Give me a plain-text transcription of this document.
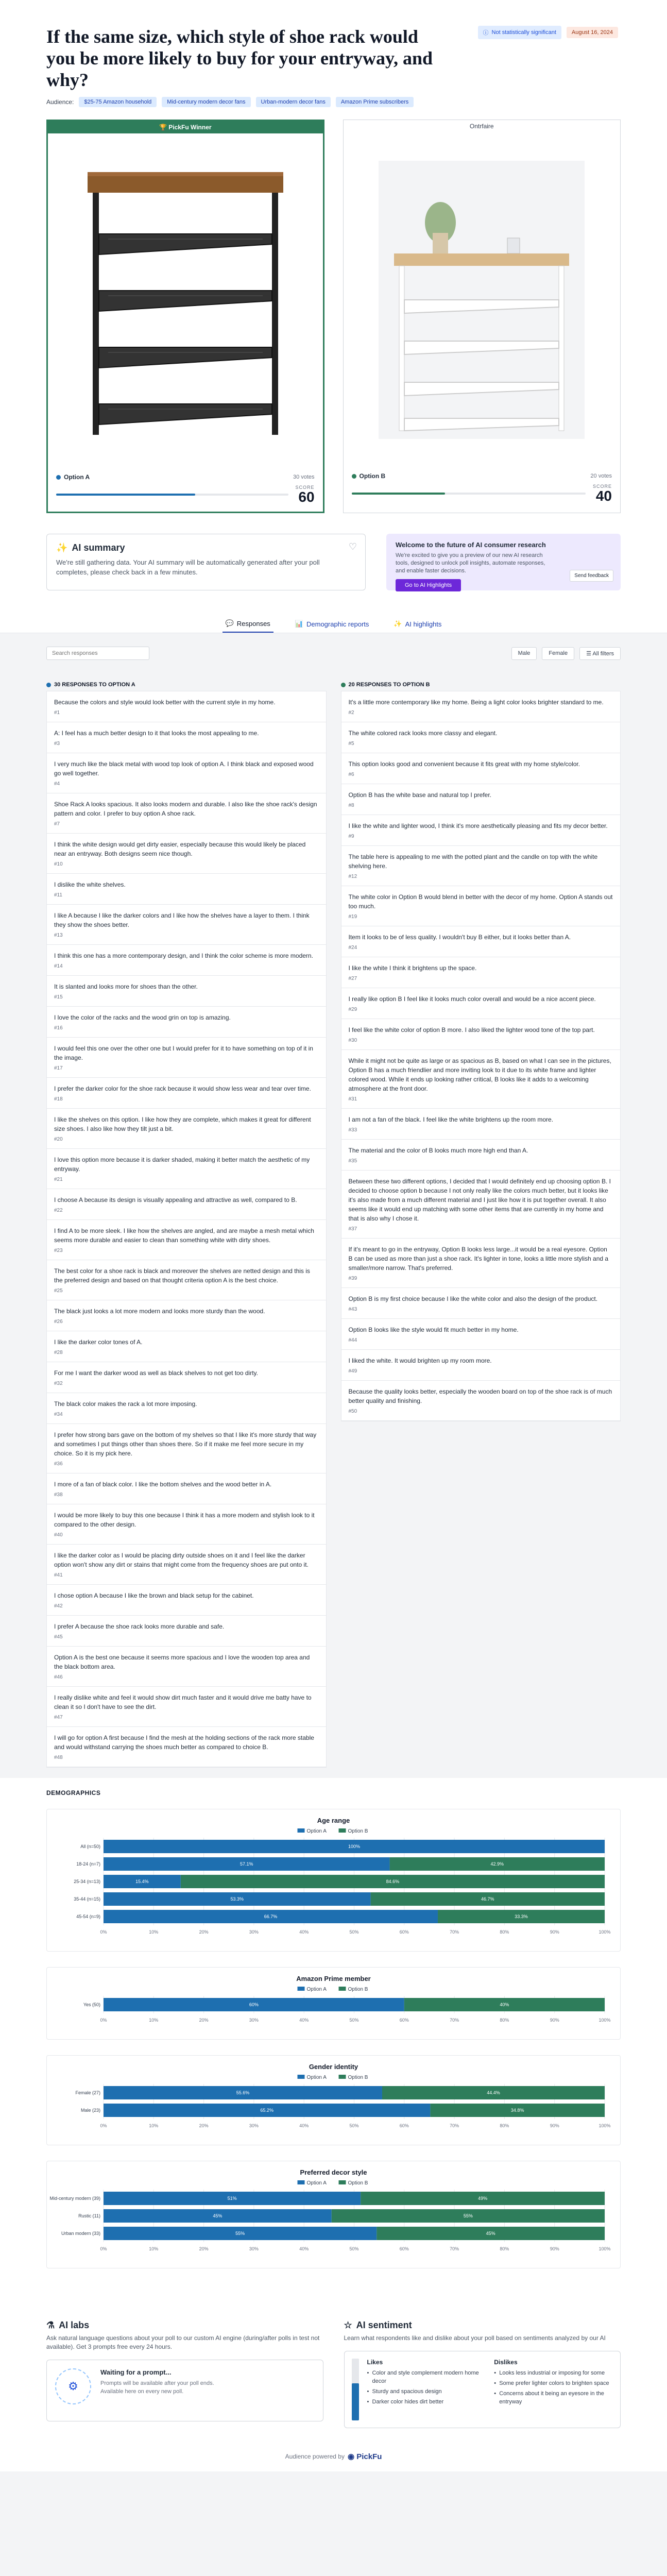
If the same size, which style of shoe rack would you be more likely to buy for your entryway, and why?
ⓘ Not statistically significant	August 16, 2024
Audience:	$25-75 Amazon household	Mid-century modern decor fans	Urban-modern decor fans	Amazon Prime subscribers
🏆 PickFu Winner
Option A	30 votes
SCORE
60
Ontrfaire
Option B	20 votes
SCORE
40
✨ AI summary
We're still gathering data. Your AI summary will be automatically generated after your poll completes, please check back in a few minutes.
♡	Welcome to the future of AI consumer research
We're excited to give you a preview of our new AI research tools, designed to unlock poll insights, automate responses, and enable faster decisions.
Go to AI Highlights
Send feedback
💬 Responses	📊 Demographic reports	✨ AI highlights
Search responses
Male	Female	☰ All filters
30 RESPONSES TO OPTION A
Because the colors and style would look better with the current style in my home.
#1
A: I feel has a much better design to it that looks the most appealing to me.
#3
I very much like the black metal with wood top look of option A. I think black and exposed wood go well together.
#4
Shoe Rack A looks spacious. It also looks modern and durable. I also like the shoe rack's design pattern and color. I prefer to buy option A shoe rack.
#7
I think the white design would get dirty easier, especially because this would likely be placed near an entryway. Both designs seem nice though.
#10
I dislike the white shelves.
#11
I like A because I like the darker colors and I like how the shelves have a layer to them. I think they show the shoes better.
#13
I think this one has a more contemporary design, and I think the color scheme is more modern.
#14
It is slanted and looks more for shoes than the other.
#15
I love the color of the racks and the wood grin on top is amazing.
#16
I would feel this one over the other one but I would prefer for it to have something on top of it in the image.
#17
I prefer the darker color for the shoe rack because it would show less wear and tear over time.
#18
I like the shelves on this option. I like how they are complete, which makes it great for different size shoes. I also like how they tilt just a bit.
#20
I love this option more because it is darker shaded, making it better match the aesthetic of my entryway.
#21
I choose A because its design is visually appealing and attractive as well, compared to B.
#22
I find A to be more sleek. I like how the shelves are angled, and are maybe a mesh metal which seems more durable and easier to clean than something white with dirty shoes.
#23
The best color for a shoe rack is black and moreover the shelves are netted design and this is the preferred design and based on that thought criteria option A is the best choice.
#25
The black just looks a lot more modern and looks more sturdy than the wood.
#26
I like the darker color tones of A.
#28
For me I want the darker wood as well as black shelves to not get too dirty.
#32
The black color makes the rack a lot more imposing.
#34
I prefer how strong bars gave on the bottom of my shelves so that I like it's more sturdy that way and sometimes I put things other than shoes there. So if it make me feel more secure in my choice. So it is my pick here.
#36
I more of a fan of black color. I like the bottom shelves and the wood better in A.
#38
I would be more likely to buy this one because I think it has a more modern and stylish look to it compared to the other design.
#40
I like the darker color as I would be placing dirty outside shoes on it and I feel like the darker option won't show any dirt or stains that might come from the frequency shoes are put onto it.
#41
I chose option A because I like the brown and black setup for the cabinet.
#42
I prefer A because the shoe rack looks more durable and safe.
#45
Option A is the best one because it seems more spacious and I love the wooden top area and the black bottom area.
#46
I really dislike white and feel it would show dirt much faster and it would drive me batty have to clean it so I don't have to see the dirt.
#47
I will go for option A first because I find the mesh at the holding sections of the rack more stable and would withstand carrying the shoes much better as compared to choice B.
#48
20 RESPONSES TO OPTION B
It's a little more contemporary like my home. Being a light color looks brighter standard to me.
#2
The white colored rack looks more classy and elegant.
#5
This option looks good and convenient because it fits great with my home style/color.
#6
Option B has the white base and natural top I prefer.
#8
I like the white and lighter wood, I think it's more aesthetically pleasing and fits my decor better.
#9
The table here is appealing to me with the potted plant and the candle on top with the white shelving here.
#12
The white color in Option B would blend in better with the decor of my home. Option A stands out too much.
#19
Item it looks to be of less quality. I wouldn't buy B either, but it looks better than A.
#24
I like the white I think it brightens up the space.
#27
I really like option B I feel like it looks much color overall and would be a nice accent piece.
#29
I feel like the white color of option B more. I also liked the lighter wood tone of the top part.
#30
While it might not be quite as large or as spacious as B, based on what I can see in the pictures, Option B has a much friendlier and more inviting look to it due to its white frame and lighter colored wood. While it ends up looking rather critical, B looks like it adds to a welcoming atmosphere at the front door.
#31
I am not a fan of the black. I feel like the white brightens up the room more.
#33
The material and the color of B looks much more high end than A.
#35
Between these two different options, I decided that I would definitely end up choosing option B. I decided to choose option b because I not only really like the colors much better, but it looks like it's also made from a much different material and I just like how it is put together overall. It also seems like it would end up matching with some other items that are currently in my home and that is also why I chose it.
#37
If it's meant to go in the entryway, Option B looks less large...it would be a real eyesore. Option B can be used as more than just a shoe rack. It's lighter in tone, looks a little more stylish and a smaller/more narrow. That's preferred.
#39
Option B is my first choice because I like the white color and also the design of the product.
#43
Option B looks like the style would fit much better in my home.
#44
I liked the white. It would brighten up my room more.
#49
Because the quality looks better, especially the wooden board on top of the shoe rack is of much better quality and finishing.
#50
DEMOGRAPHICS
Age range
Option A	Option B
0%	10%	20%	30%	40%	50%	60%	70%	80%	90%	100%
All (n=50)	100%
18-24 (n=7)	57.1%	42.9%
25-34 (n=13)	15.4%	84.6%
35-44 (n=15)	53.3%	46.7%
45-54 (n=9)	66.7%	33.3%
Amazon Prime member
Option A	Option B
0%	10%	20%	30%	40%	50%	60%	70%	80%	90%	100%
Yes (50)	60%	40%
Gender identity
Option A	Option B
0%	10%	20%	30%	40%	50%	60%	70%	80%	90%	100%
Female (27)	55.6%	44.4%
Male (23)	65.2%	34.8%
Preferred decor style
Option A	Option B
0%	10%	20%	30%	40%	50%	60%	70%	80%	90%	100%
Mid-century modern (39)	51%	49%
Rustic (11)	45%	55%
Urban modern (33)	55%	45%
⚗ AI labs
Ask natural language questions about your poll to our custom AI engine (during/after polls in test not available). Get 3 prompts free every 24 hours.
⚙
Waiting for a prompt...
Prompts will be available after your poll ends. Available here on every new poll.
☆ AI sentiment
Learn what respondents like and dislike about your poll based on sentiments analyzed by our AI
Likes
• Color and style complement modern home decor
• Sturdy and spacious design
• Darker color hides dirt better
Dislikes
• Looks less industrial or imposing for some
• Some prefer lighter colors to brighten space
• Concerns about it being an eyesore in the entryway
Audience powered by ◉ PickFu
